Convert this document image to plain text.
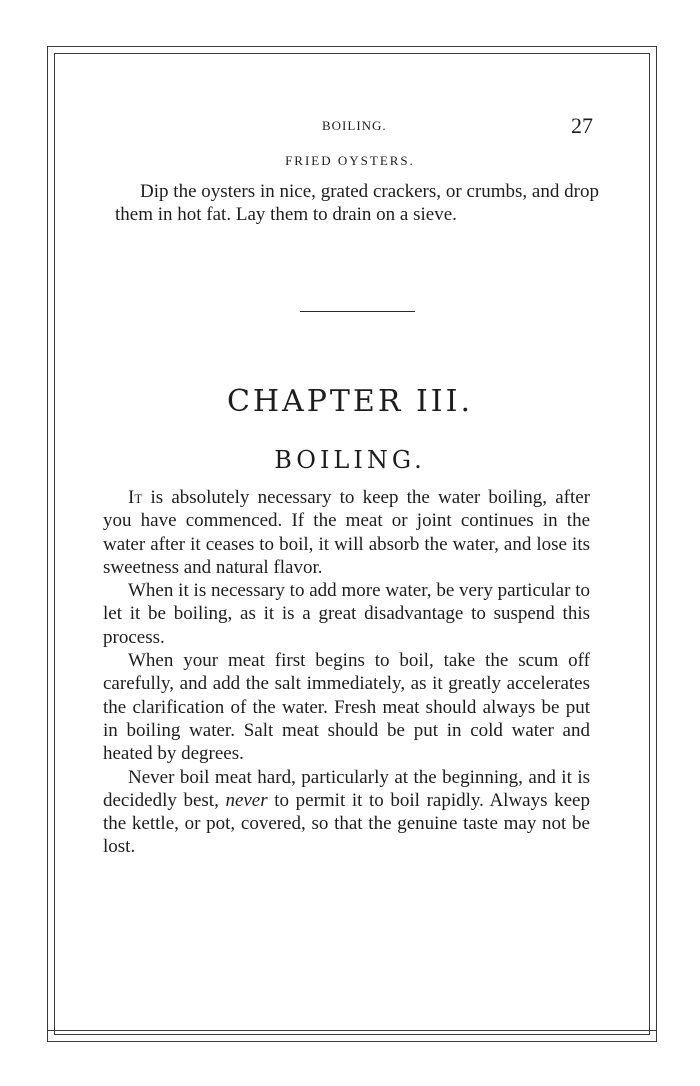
BOILING.	27
FRIED OYSTERS.

Dip the oysters in nice, grated crackers, or crumbs, and drop them in hot fat. Lay them to drain on a sieve.

CHAPTER III.
BOILING.

It is absolutely necessary to keep the water boiling, after you have commenced. If the meat or joint continues in the water after it ceases to boil, it will absorb the water, and lose its sweetness and natural flavor.

When it is necessary to add more water, be very particular to let it be boiling, as it is a great disadvantage to suspend this process.

When your meat first begins to boil, take the scum off carefully, and add the salt immediately, as it greatly accelerates the clarification of the water. Fresh meat should always be put in boiling water. Salt meat should be put in cold water and heated by degrees.

Never boil meat hard, particularly at the beginning, and it is decidedly best, never to permit it to boil rapidly. Always keep the kettle, or pot, covered, so that the genuine taste may not be lost.
